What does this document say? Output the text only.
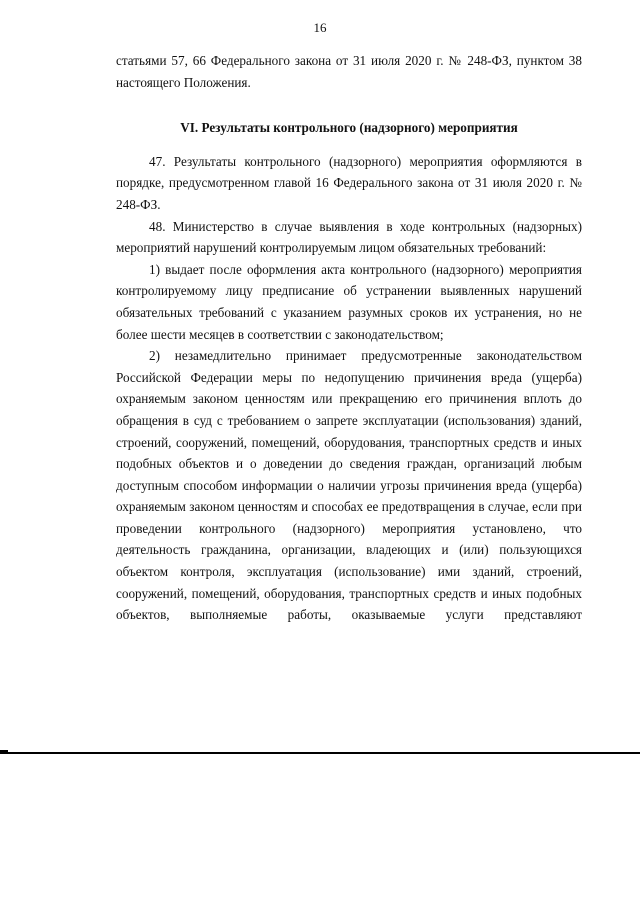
16

статьями 57, 66 Федерального закона от 31 июля 2020 г. № 248-ФЗ, пунктом 38 настоящего Положения.

VI. Результаты контрольного (надзорного) мероприятия

47. Результаты контрольного (надзорного) мероприятия оформляются в порядке, предусмотренном главой 16 Федерального закона от 31 июля 2020 г. № 248-ФЗ.

48. Министерство в случае выявления в ходе контрольных (надзорных) мероприятий нарушений контролируемым лицом обязательных требований:

1) выдает после оформления акта контрольного (надзорного) мероприятия контролируемому лицу предписание об устранении выявленных нарушений обязательных требований с указанием разумных сроков их устранения, но не более шести месяцев в соответствии с законодательством;

2) незамедлительно принимает предусмотренные законодательством Российской Федерации меры по недопущению причинения вреда (ущерба) охраняемым законом ценностям или прекращению его причинения вплоть до обращения в суд с требованием о запрете эксплуатации (использования) зданий, строений, сооружений, помещений, оборудования, транспортных средств и иных подобных объектов и о доведении до сведения граждан, организаций любым доступным способом информации о наличии угрозы причинения вреда (ущерба) охраняемым законом ценностям и способах ее предотвращения в случае, если при проведении контрольного (надзорного) мероприятия установлено, что деятельность гражданина, организации, владеющих и (или) пользующихся объектом контроля, эксплуатация (использование) ими зданий, строений, сооружений, помещений, оборудования, транспортных средств и иных подобных объектов, выполняемые работы, оказываемые услуги представляют
